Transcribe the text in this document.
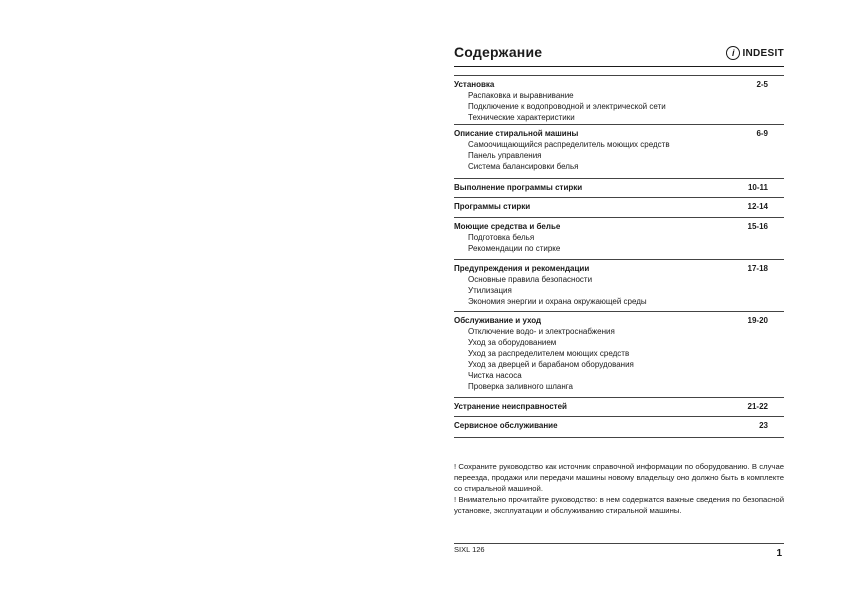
Содержание	i INDESIT
Установка	2-5
Распаковка и выравнивание
Подключение к водопроводной и электрической сети
Технические характеристики
Описание стиральной машины	6-9
Самоочищающийся распределитель моющих средств
Панель управления
Система балансировки белья
Выполнение программы стирки	10-11
Программы стирки	12-14
Моющие средства и белье	15-16
Подготовка белья
Рекомендации по стирке
Предупреждения и рекомендации	17-18
Основные правила безопасности
Утилизация
Экономия энергии и охрана окружающей среды
Обслуживание и уход	19-20
Отключение водо- и электроснабжения
Уход за оборудованием
Уход за распределителем моющих средств
Уход за дверцей и барабаном оборудования
Чистка насоса
Проверка заливного шланга
Устранение неисправностей	21-22
Сервисное обслуживание	23

! Сохраните руководство как источник справочной информации по оборудованию. В случае переезда, продажи или передачи машины новому владельцу оно должно быть в комплекте со стиральной машиной.

! Внимательно прочитайте руководство: в нем содержатся важные сведения по безопасной установке, эксплуатации и обслуживанию стиральной машины.

SIXL 126	1
